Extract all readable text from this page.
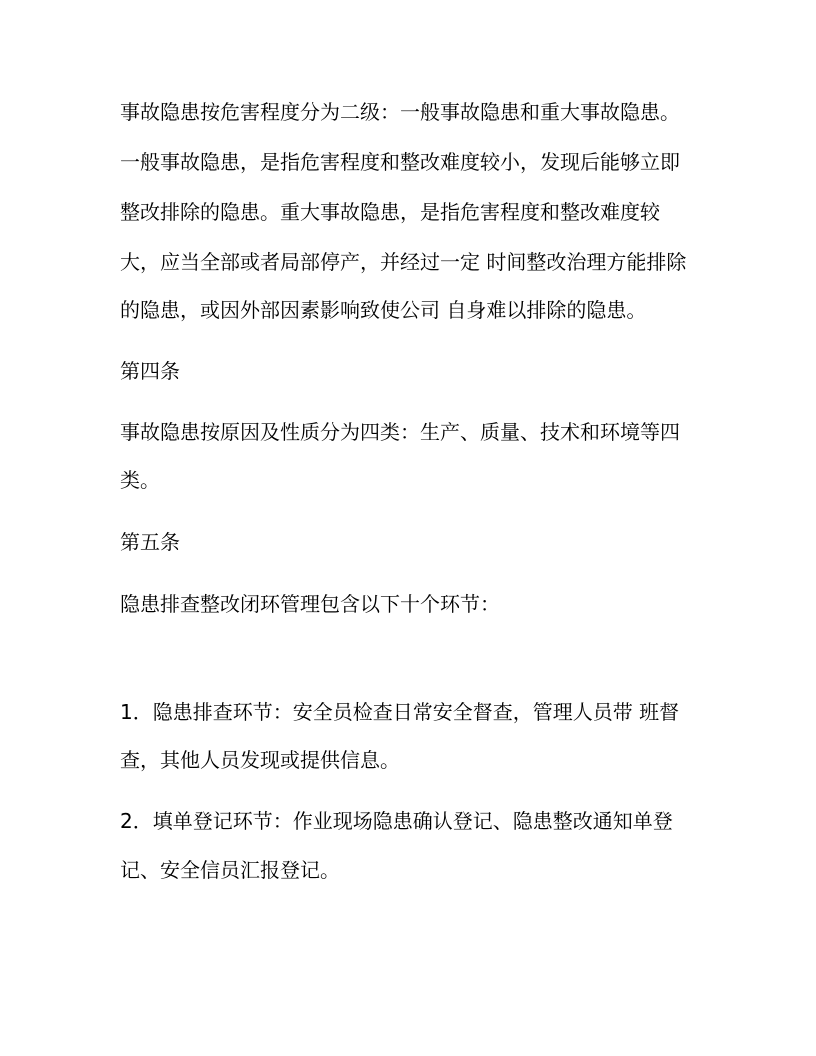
事故隐患按危害程度分为二级：一般事故隐患和重大事故隐患。
一般事故隐患，是指危害程度和整改难度较小，发现后能够立即
整改排除的隐患。重大事故隐患，是指危害程度和整改难度较
大，应当全部或者局部停产，并经过一定 时间整改治理方能排除
的隐患，或因外部因素影响致使公司 自身难以排除的隐患。
第四条
事故隐患按原因及性质分为四类：生产、质量、技术和环境等四
类。
第五条
隐患排查整改闭环管理包含以下十个环节：
1．隐患排查环节：安全员检查日常安全督查，管理人员带 班督
查，其他人员发现或提供信息。
2．填单登记环节：作业现场隐患确认登记、隐患整改通知单登
记、安全信员汇报登记。
